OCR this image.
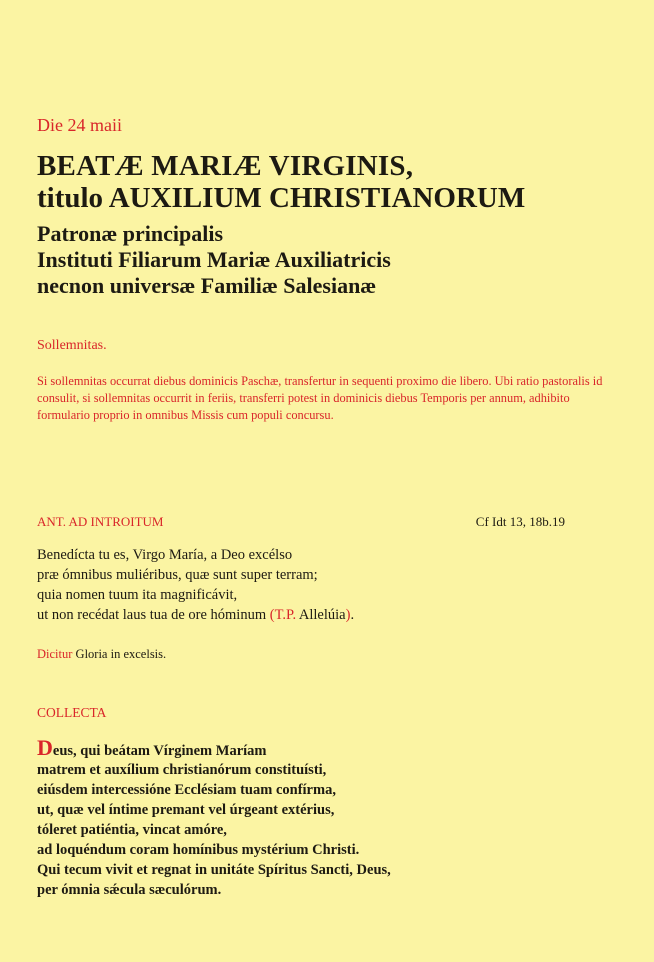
Die 24 maii
BEATÆ MARIÆ VIRGINIS,
titulo AUXILIUM CHRISTIANORUM
Patronæ principalis
Instituti Filiarum Mariæ Auxiliatricis
necnon universæ Familiæ Salesianæ
Sollemnitas.
Si sollemnitas occurrat diebus dominicis Paschæ, transfertur in sequenti proximo die libero. Ubi ratio pastoralis id consulit, si sollemnitas occurrit in feriis, transferri potest in dominicis diebus Temporis per annum, adhibito formulario proprio in omnibus Missis cum populi concursu.
ANT. AD INTROITUM	Cf Idt 13, 18b.19
Benedícta tu es, Virgo María, a Deo excélso
præ ómnibus muliéribus, quæ sunt super terram;
quia nomen tuum ita magnificávit,
ut non recédat laus tua de ore hóminum (T.P. Allelúia).
Dicitur Gloria in excelsis.
COLLECTA
Deus, qui beátam Vírginem Maríam
matrem et auxílium christianórum constituísti,
eiúsdem intercessióne Ecclésiam tuam confírma,
ut, quæ vel íntime premant vel úrgeant extérius,
tóleret patiéntia, vincat amóre,
ad loquéndum coram homínibus mystérium Christi.
Qui tecum vivit et regnat in unitáte Spíritus Sancti, Deus,
per ómnia sǽcula sæculórum.
